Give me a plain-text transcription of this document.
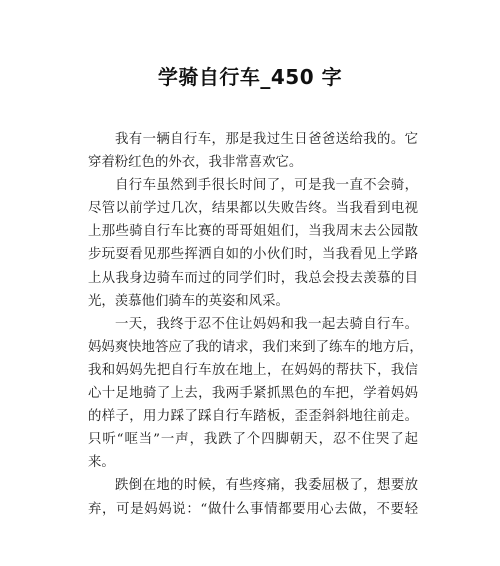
学骑自行车_450 字
我有一辆自行车，那是我过生日爸爸送给我的。它
穿着粉红色的外衣，我非常喜欢它。
自行车虽然到手很长时间了，可是我一直不会骑，
尽管以前学过几次，结果都以失败告终。当我看到电视
上那些骑自行车比赛的哥哥姐姐们，当我周末去公园散
步玩耍看见那些挥洒自如的小伙们时，当我看见上学路
上从我身边骑车而过的同学们时，我总会投去羡慕的目
光，羡慕他们骑车的英姿和风采。
一天，我终于忍不住让妈妈和我一起去骑自行车。
妈妈爽快地答应了我的请求，我们来到了练车的地方后，
我和妈妈先把自行车放在地上，在妈妈的帮扶下，我信
心十足地骑了上去，我两手紧抓黑色的车把，学着妈妈
的样子，用力踩了踩自行车踏板，歪歪斜斜地往前走。
只听“哐当”一声，我跌了个四脚朝天，忍不住哭了起
来。
跌倒在地的时候，有些疼痛，我委屈极了，想要放
弃，可是妈妈说：“做什么事情都要用心去做，不要轻
